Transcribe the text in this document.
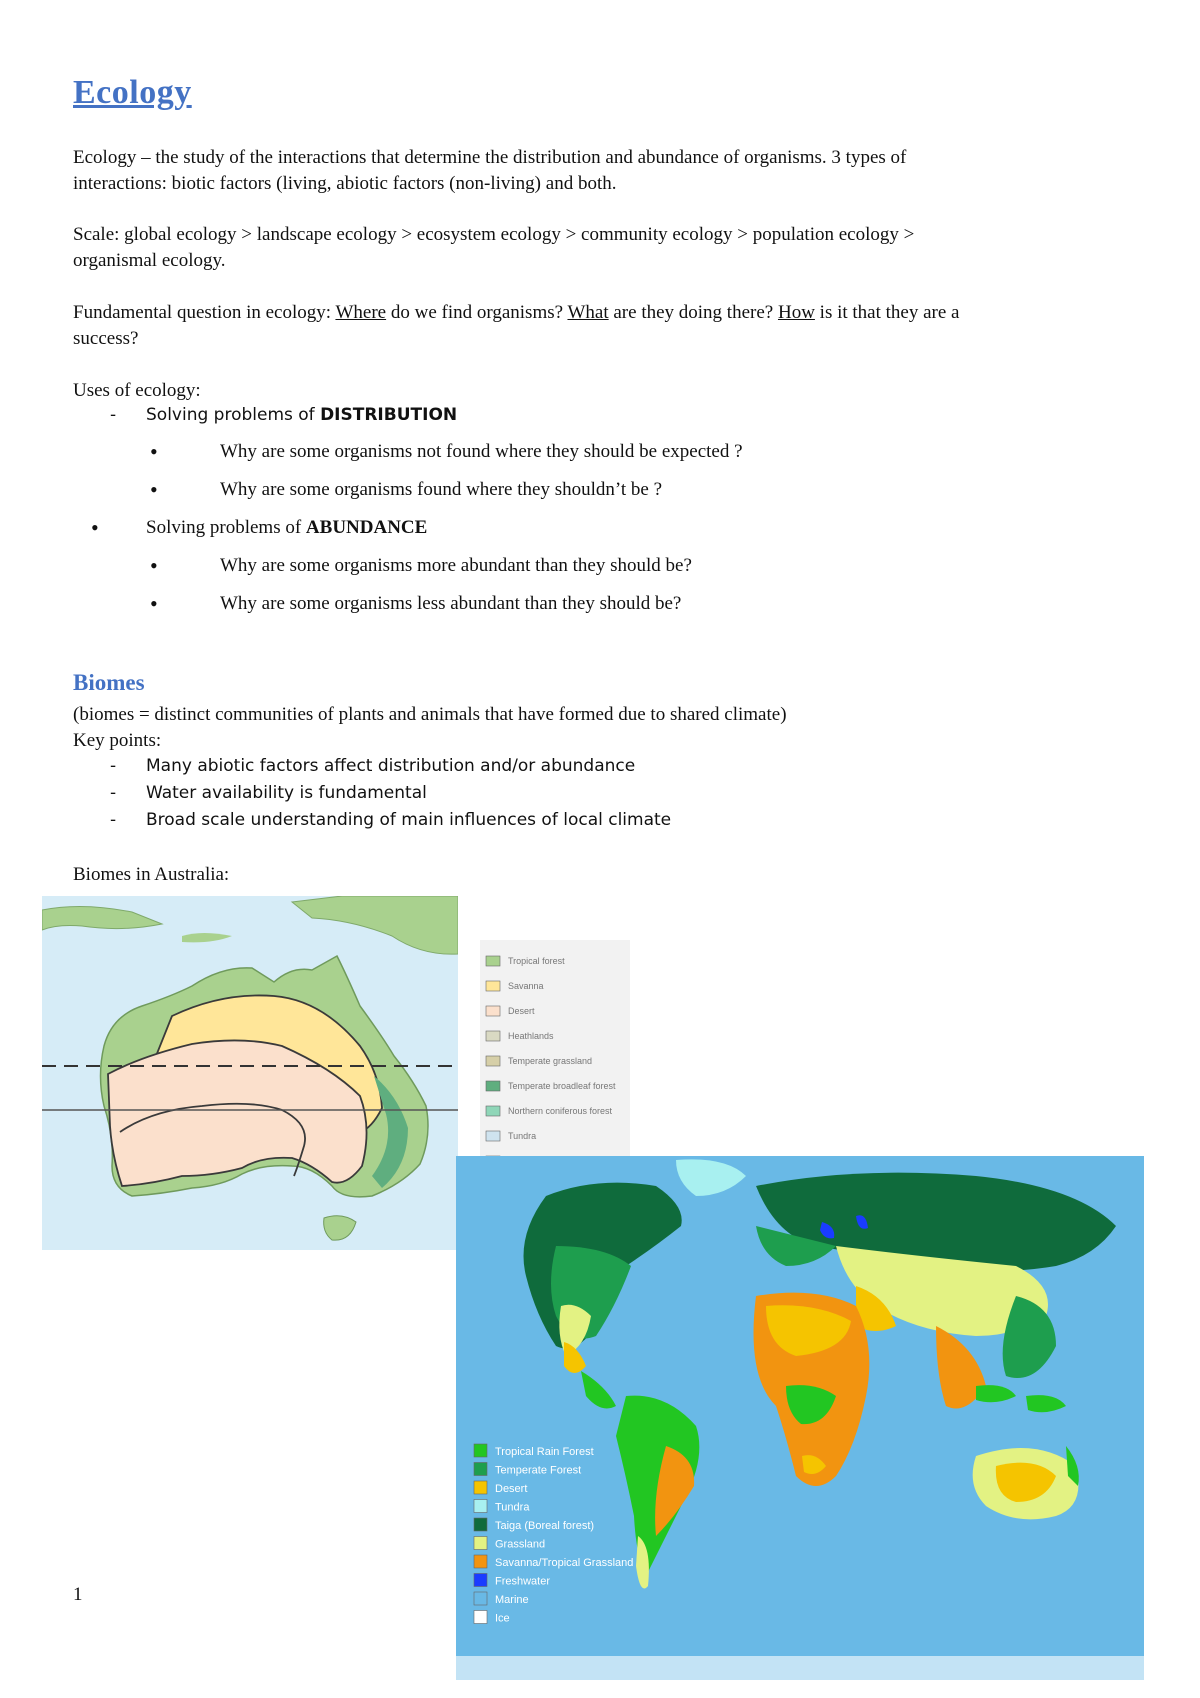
Ecology

Ecology – the study of the interactions that determine the distribution and abundance of organisms. 3 types of
interactions: biotic factors (living, abiotic factors (non-living) and both.

Scale: global ecology > landscape ecology > ecosystem ecology > community ecology > population ecology >
organismal ecology.

Fundamental question in ecology: Where do we find organisms? What are they doing there? How is it that they are a
success?

Uses of ecology:

- Solving problems of DISTRIBUTION
•	Why are some organisms not found where they should be expected ?
•	Why are some organisms found where they shouldn’t be ?
• Solving problems of ABUNDANCE
•	Why are some organisms more abundant than they should be?
•	Why are some organisms less abundant than they should be?
Biomes

(biomes = distinct communities of plants and animals that have formed due to shared climate)

Key points:

- Many abiotic factors affect distribution and/or abundance
- Water availability is fundamental
- Broad scale understanding of main influences of local climate

Biomes in Australia:

Tropical forest
Savanna
Desert
Heathlands
Temperate grassland
Temperate broadleaf forest
Northern coniferous forest
Tundra
Tropical Rain Forest
Temperate Forest
Desert
Tundra
Taiga (Boreal forest)
Grassland
Savanna/Tropical Grassland
Freshwater
Marine
Ice
1
